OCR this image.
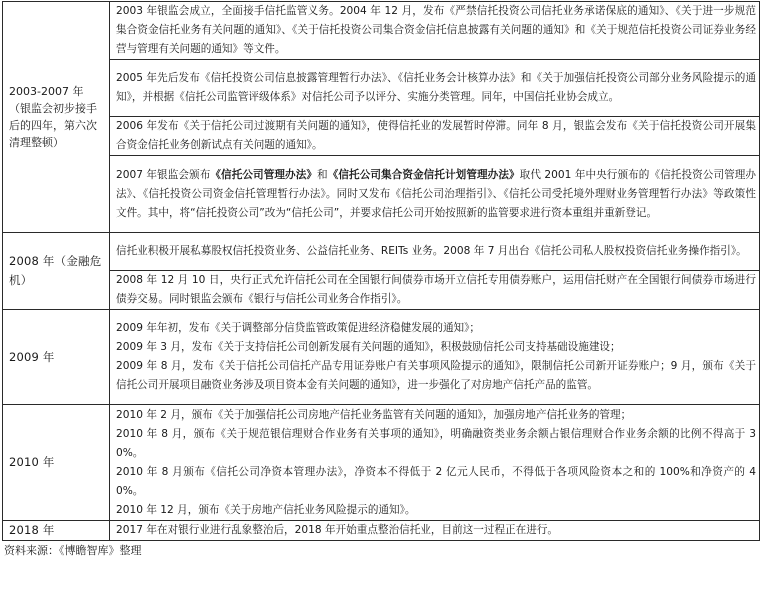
2003-2007 年（银监会初步接手后的四年，第六次清理整顿）	2003 年银监会成立，全面接手信托监管义务。2004 年 12 月，发布《严禁信托投资公司信托业务承诺保底的通知》、《关于进一步规范集合资金信托业务有关问题的通知》、《关于信托投资公司集合资金信托信息披露有关问题的通知》和《关于规范信托投资公司证券业务经营与管理有关问题的通知》等文件。
	2005 年先后发布《信托投资公司信息披露管理暂行办法》、《信托业务会计核算办法》和《关于加强信托投资公司部分业务风险提示的通知》，并根据《信托公司监管评级体系》对信托公司予以评分、实施分类管理。同年，中国信托业协会成立。
	2006 年发布《关于信托公司过渡期有关问题的通知》，使得信托业的发展暂时停滞。同年 8 月，银监会发布《关于信托投资公司开展集合资金信托业务创新试点有关问题的通知》。
	2007 年银监会颁布《信托公司管理办法》和《信托公司集合资金信托计划管理办法》取代 2001 年中央行颁布的《信托投资公司管理办法》、《信托投资公司资金信托管理暂行办法》。同时又发布《信托公司治理指引》、《信托公司受托境外理财业务管理暂行办法》等政策性文件。其中，将“信托投资公司”改为“信托公司”，并要求信托公司开始按照新的监管要求进行资本重组并重新登记。
2008 年（金融危机）	信托业积极开展私募股权信托投资业务、公益信托业务、REITs 业务。2008 年 7 月出台《信托公司私人股权投资信托业务操作指引》。
	2008 年 12 月 10 日，央行正式允许信托公司在全国银行间债券市场开立信托专用债券账户，运用信托财产在全国银行间债券市场进行债券交易。同时银监会颁布《银行与信托公司业务合作指引》。
2009 年	2009 年年初，发布《关于调整部分信贷监管政策促进经济稳健发展的通知》；
2009 年 3 月，发布《关于支持信托公司创新发展有关问题的通知》，积极鼓励信托公司支持基础设施建设；
2009 年 8 月，发布《关于信托公司信托产品专用证券账户有关事项风险提示的通知》，限制信托公司新开证券账户；9 月，颁布《关于信托公司开展项目融资业务涉及项目资本金有关问题的通知》，进一步强化了对房地产信托产品的监管。

2010 年	2010 年 2 月，颁布《关于加强信托公司房地产信托业务监管有关问题的通知》，加强房地产信托业务的管理；
2010 年 8 月，颁布《关于规范银信理财合作业务有关事项的通知》，明确融资类业务余额占银信理财合作业务余额的比例不得高于 30%。
2010 年 8 月颁布《信托公司净资本管理办法》，净资本不得低于 2 亿元人民币，不得低于各项风险资本之和的 100%和净资产的 40%。
2010 年 12 月，颁布《关于房地产信托业务风险提示的通知》。

2018 年	2017 年在对银行业进行乱象整治后，2018 年开始重点整治信托业，目前这一过程正在进行。
资料来源：《博瞻智库》整理
